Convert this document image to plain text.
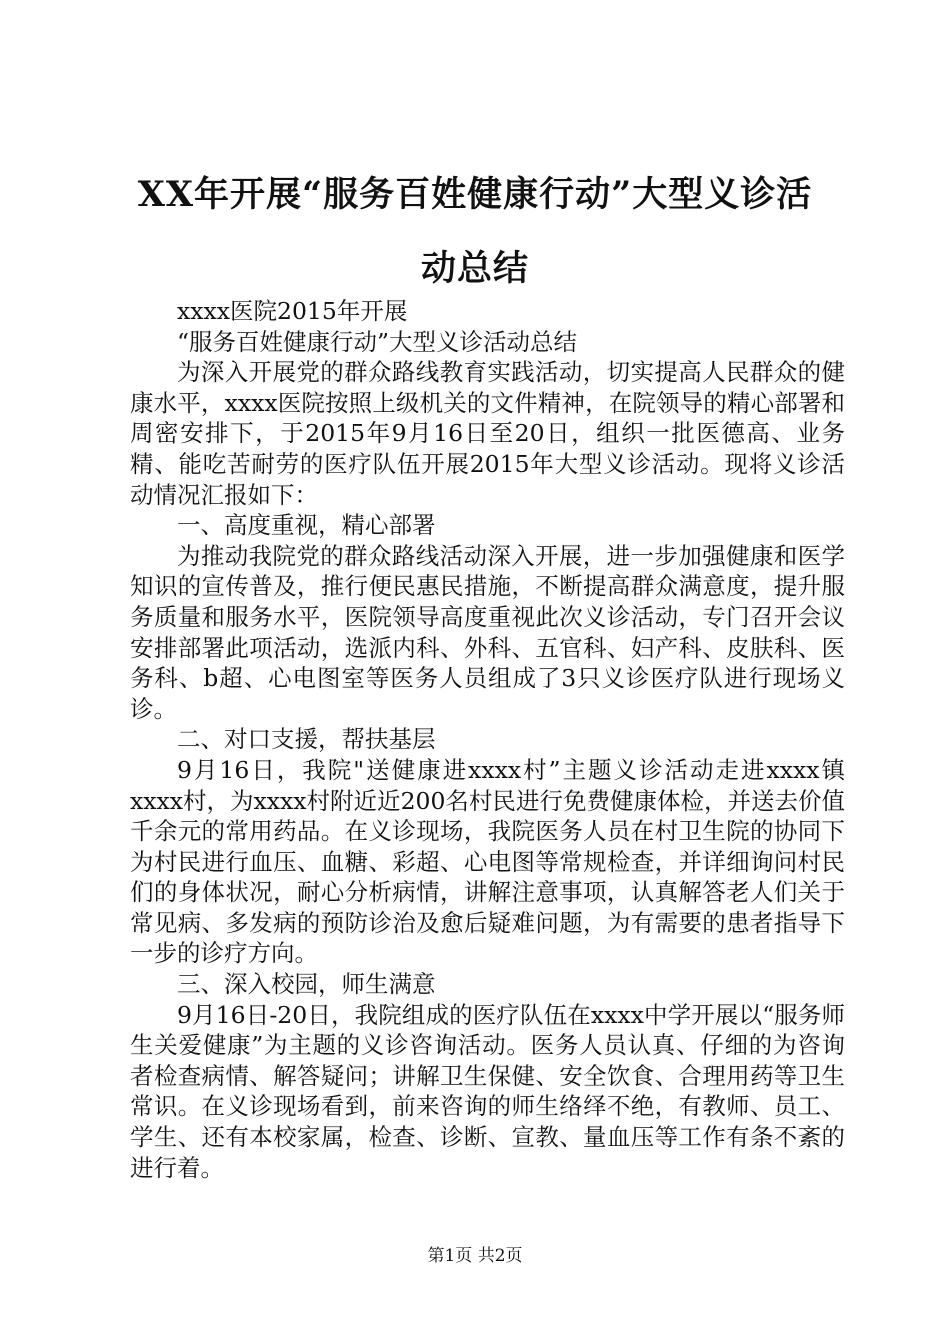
XX年开展“服务百姓健康行动”大型义诊活动总结

xxxx医院2015年开展

“服务百姓健康行动”大型义诊活动总结

为深入开展党的群众路线教育实践活动，切实提高人民群众的健康水平，xxxx医院按照上级机关的文件精神，在院领导的精心部署和周密安排下，于2015年9月16日至20日，组织一批医德高、业务精、能吃苦耐劳的医疗队伍开展2015年大型义诊活动。现将义诊活动情况汇报如下：

一、高度重视，精心部署

为推动我院党的群众路线活动深入开展，进一步加强健康和医学知识的宣传普及，推行便民惠民措施，不断提高群众满意度，提升服务质量和服务水平，医院领导高度重视此次义诊活动，专门召开会议安排部署此项活动，选派内科、外科、五官科、妇产科、皮肤科、医务科、b超、心电图室等医务人员组成了3只义诊医疗队进行现场义诊。

二、对口支援，帮扶基层

9月16日，我院"送健康进xxxx村”主题义诊活动走进xxxx镇xxxx村，为xxxx村附近近200名村民进行免费健康体检，并送去价值千余元的常用药品。在义诊现场，我院医务人员在村卫生院的协同下为村民进行血压、血糖、彩超、心电图等常规检查，并详细询问村民们的身体状况，耐心分析病情，讲解注意事项，认真解答老人们关于常见病、多发病的预防诊治及愈后疑难问题，为有需要的患者指导下一步的诊疗方向。

三、深入校园，师生满意

9月16日-20日，我院组成的医疗队伍在xxxx中学开展以“服务师生关爱健康”为主题的义诊咨询活动。医务人员认真、仔细的为咨询者检查病情、解答疑问；讲解卫生保健、安全饮食、合理用药等卫生常识。在义诊现场看到，前来咨询的师生络绎不绝，有教师、员工、学生、还有本校家属，检查、诊断、宣教、量血压等工作有条不紊的进行着。

第1页 共2页
